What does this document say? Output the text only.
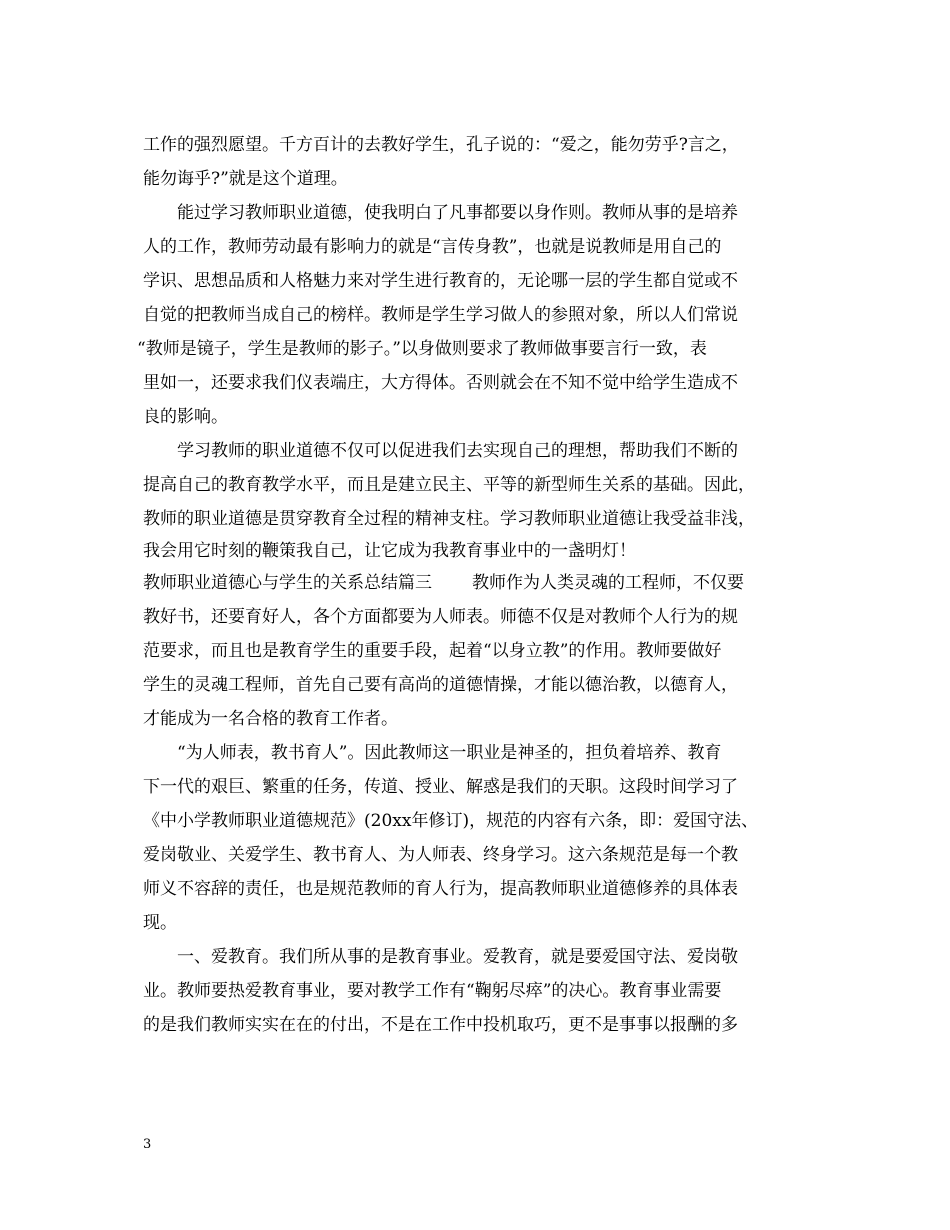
工作的强烈愿望。千方百计的去教好学生，孔子说的：“爱之，能勿劳乎?言之，
能勿诲乎?”就是这个道理。
能过学习教师职业道德，使我明白了凡事都要以身作则。教师从事的是培养
人的工作，教师劳动最有影响力的就是“言传身教”，也就是说教师是用自己的
学识、思想品质和人格魅力来对学生进行教育的，无论哪一层的学生都自觉或不
自觉的把教师当成自己的榜样。教师是学生学习做人的参照对象，所以人们常说
“教师是镜子，学生是教师的影子。”以身做则要求了教师做事要言行一致，表
里如一，还要求我们仪表端庄，大方得体。否则就会在不知不觉中给学生造成不
良的影响。
学习教师的职业道德不仅可以促进我们去实现自己的理想，帮助我们不断的
提高自己的教育教学水平，而且是建立民主、平等的新型师生关系的基础。因此，
教师的职业道德是贯穿教育全过程的精神支柱。学习教师职业道德让我受益非浅，
我会用它时刻的鞭策我自己，让它成为我教育事业中的一盏明灯！
教师职业道德心与学生的关系总结篇三 教师作为人类灵魂的工程师，不仅要
教好书，还要育好人，各个方面都要为人师表。师德不仅是对教师个人行为的规
范要求，而且也是教育学生的重要手段，起着“以身立教”的作用。教师要做好
学生的灵魂工程师，首先自己要有高尚的道德情操，才能以德治教，以德育人，
才能成为一名合格的教育工作者。
“为人师表，教书育人”。因此教师这一职业是神圣的，担负着培养、教育
下一代的艰巨、繁重的任务，传道、授业、解惑是我们的天职。这段时间学习了
《中小学教师职业道德规范》(20xx年修订)，规范的内容有六条，即：爱国守法、
爱岗敬业、关爱学生、教书育人、为人师表、终身学习。这六条规范是每一个教
师义不容辞的责任，也是规范教师的育人行为，提高教师职业道德修养的具体表
现。
一、爱教育。我们所从事的是教育事业。爱教育，就是要爱国守法、爱岗敬
业。教师要热爱教育事业，要对教学工作有“鞠躬尽瘁”的决心。教育事业需要
的是我们教师实实在在的付出，不是在工作中投机取巧，更不是事事以报酬的多
3
